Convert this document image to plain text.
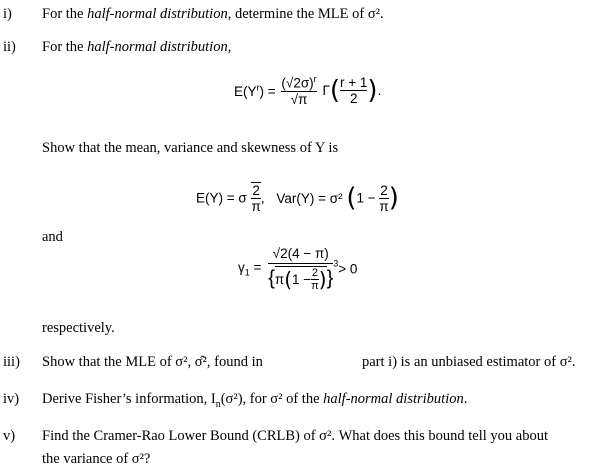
i) For the half-normal distribution, determine the MLE of σ².
ii) For the half-normal distribution,
$E(Y^r) = \frac{(√2\sigma)^r}{√\pi} \Gamma( \frac{r + 1}{2}$ ).
Show that the mean, variance and skewness of Y is
E(Y) = σ $\frac{2}{\pi}$ , Var(Y) = σ² ($1 - \frac{2}{\pi}$ )
and
$\gamma_1 = \frac{√2(4 - \pi)}{\{\pi(1 - \frac{2}{\pi} )\}} ^3> 0$
respectively.
iii) Show that the MLE of σ², σ̂², found in	part i) is an unbiased estimator of σ².
iv) Derive Fisher’s information, $I_n(\sigma^2)$, for σ² of the half-normal distribution.
v) Find the Cramer-Rao Lower Bound (CRLB) of σ². What does this bound tell you about
the variance of σ²?
